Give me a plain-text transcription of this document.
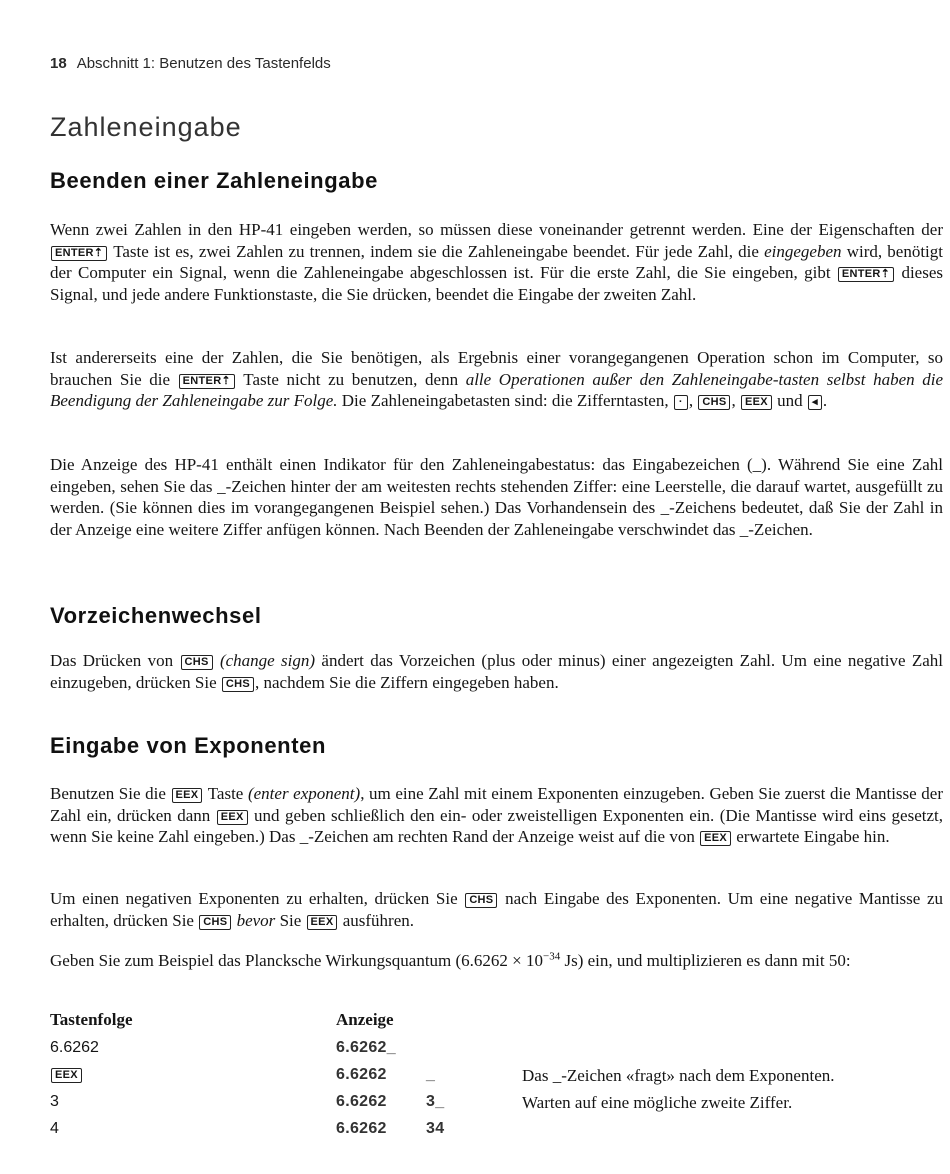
18 Abschnitt 1: Benutzen des Tastenfelds
Zahleneingabe
Beenden einer Zahleneingabe

Wenn zwei Zahlen in den HP-41 eingeben werden, so müssen diese voneinander getrennt werden. Eine der Eigenschaften der ENTER⇡ Taste ist es, zwei Zahlen zu trennen, indem sie die Zahleneingabe beendet. Für jede Zahl, die eingegeben wird, benötigt der Computer ein Signal, wenn die Zahleneingabe abgeschlossen ist. Für die erste Zahl, die Sie eingeben, gibt ENTER⇡ dieses Signal, und jede andere Funktionstaste, die Sie drücken, beendet die Eingabe der zweiten Zahl.

Ist andererseits eine der Zahlen, die Sie benötigen, als Ergebnis einer vorangegangenen Operation schon im Computer, so brauchen Sie die ENTER⇡ Taste nicht zu benutzen, denn alle Operationen außer den Zahleneingabe-tasten selbst haben die Beendigung der Zahleneingabe zur Folge. Die Zahleneingabetasten sind: die Zifferntasten, · , CHS , EEX und ◂ .

Die Anzeige des HP-41 enthält einen Indikator für den Zahleneingabestatus: das Eingabezeichen (_). Während Sie eine Zahl eingeben, sehen Sie das _-Zeichen hinter der am weitesten rechts stehenden Ziffer: eine Leerstelle, die darauf wartet, ausgefüllt zu werden. (Sie können dies im vorangegangenen Beispiel sehen.) Das Vorhandensein des _-Zeichens bedeutet, daß Sie der Zahl in der Anzeige eine weitere Ziffer anfügen können. Nach Beenden der Zahleneingabe verschwindet das _-Zeichen.

Vorzeichenwechsel

Das Drücken von CHS (change sign) ändert das Vorzeichen (plus oder minus) einer angezeigten Zahl. Um eine negative Zahl einzugeben, drücken Sie CHS , nachdem Sie die Ziffern eingegeben haben.

Eingabe von Exponenten

Benutzen Sie die EEX Taste (enter exponent), um eine Zahl mit einem Exponenten einzugeben. Geben Sie zuerst die Mantisse der Zahl ein, drücken dann EEX und geben schließlich den ein- oder zweistelligen Exponenten ein. (Die Mantisse wird eins gesetzt, wenn Sie keine Zahl eingeben.) Das _-Zeichen am rechten Rand der Anzeige weist auf die von EEX erwartete Eingabe hin.

Um einen negativen Exponenten zu erhalten, drücken Sie CHS nach Eingabe des Exponenten. Um eine negative Mantisse zu erhalten, drücken Sie CHS bevor Sie EEX ausführen.

Geben Sie zum Beispiel das Plancksche Wirkungsquantum ($6.6262 \times 10^{-34}$ Js) ein, und multiplizieren es dann mit 50:

Tastenfolge	Anzeige
6.6262	6.6262_
EEX	6.6262 _	Das _-Zeichen «fragt» nach dem Exponenten.
3	6.6262 3_	Warten auf eine mögliche zweite Ziffer.
4	6.6262 34
